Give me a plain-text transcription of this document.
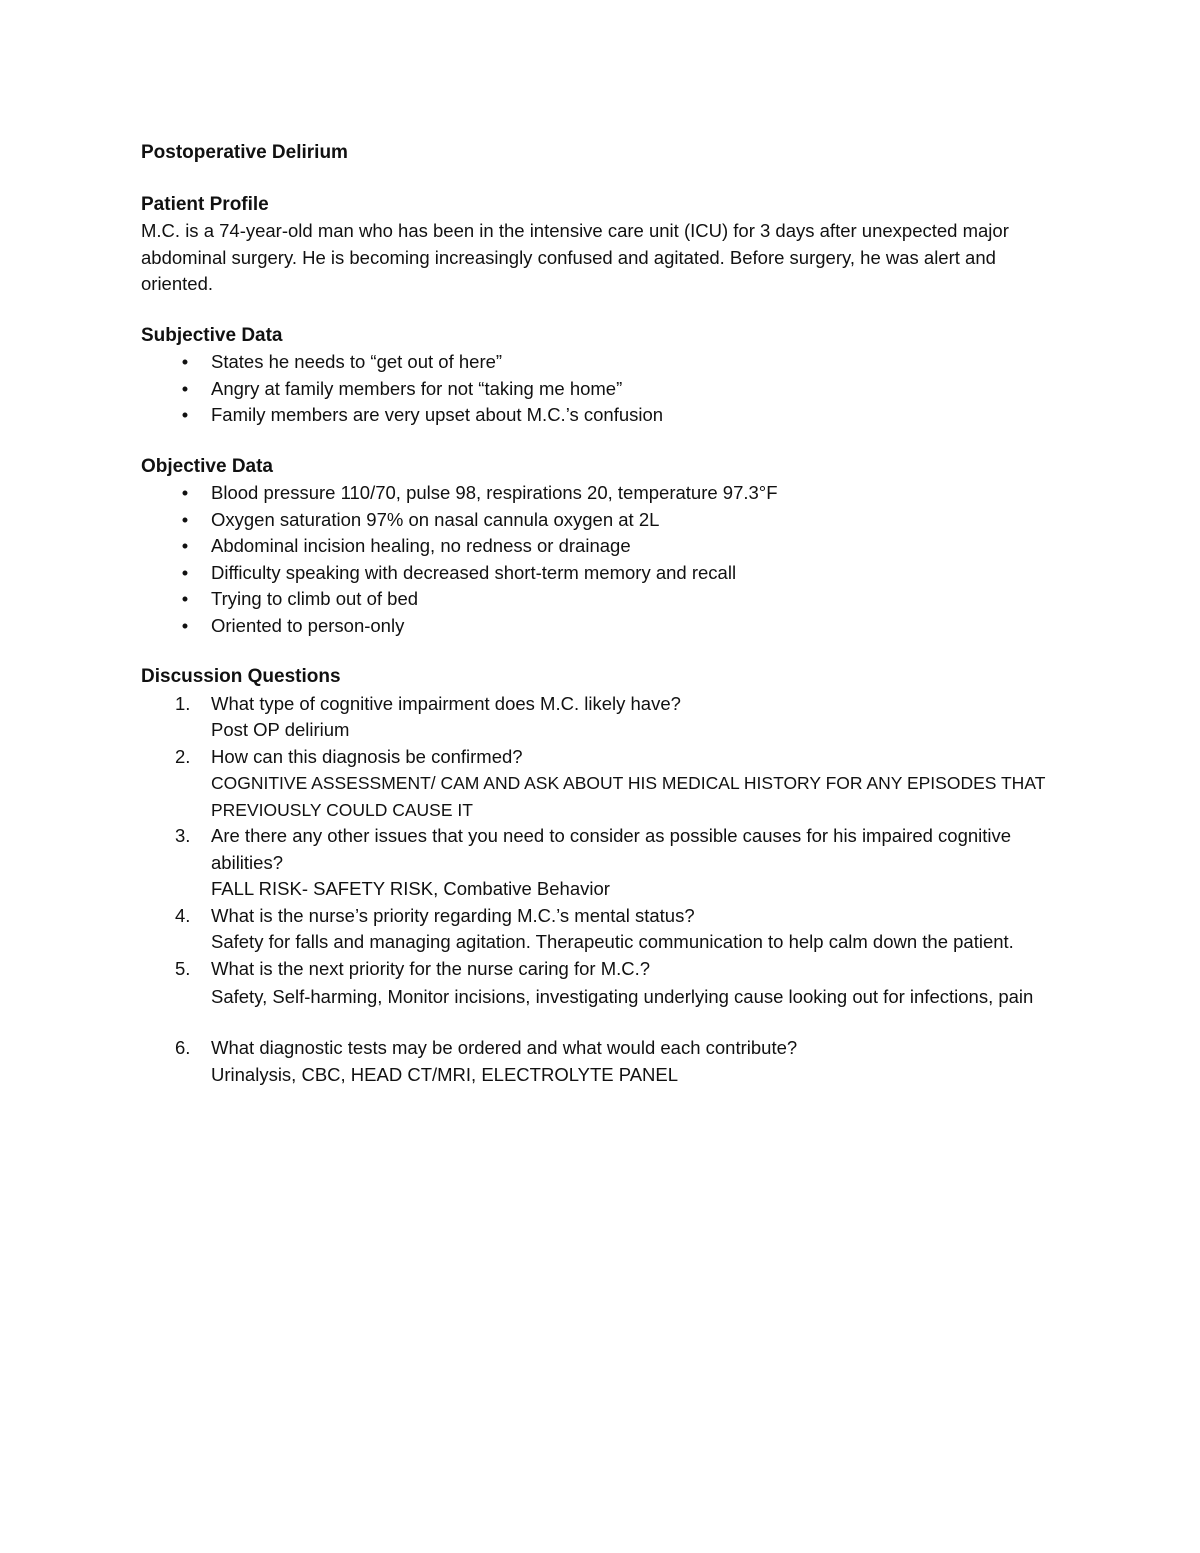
Postoperative Delirium

Patient Profile

M.C. is a 74-year-old man who has been in the intensive care unit (ICU) for 3 days after unexpected major abdominal surgery. He is becoming increasingly confused and agitated. Before surgery, he was alert and oriented.

Subjective Data

•	States he needs to “get out of here”
•	Angry at family members for not “taking me home”
•	Family members are very upset about M.C.’s confusion

Objective Data

•	Blood pressure 110/70, pulse 98, respirations 20, temperature 97.3°F
•	Oxygen saturation 97% on nasal cannula oxygen at 2L
•	Abdominal incision healing, no redness or drainage
•	Difficulty speaking with decreased short-term memory and recall
•	Trying to climb out of bed
•	Oriented to person-only

Discussion Questions

1.	What type of cognitive impairment does M.C. likely have?
Post OP delirium
2.	How can this diagnosis be confirmed?
COGNITIVE ASSESSMENT/ CAM AND ASK ABOUT HIS MEDICAL HISTORY FOR ANY EPISODES THAT PREVIOUSLY COULD CAUSE IT
3.	Are there any other issues that you need to consider as possible causes for his impaired cognitive abilities?
FALL RISK- SAFETY RISK, Combative Behavior
4.	What is the nurse’s priority regarding M.C.’s mental status?
Safety for falls and managing agitation. Therapeutic communication to help calm down the patient.
5.	What is the next priority for the nurse caring for M.C.?
Safety, Self-harming, Monitor incisions, investigating underlying cause looking out for infections, pain
6.	What diagnostic tests may be ordered and what would each contribute?
Urinalysis, CBC, HEAD CT/MRI, ELECTROLYTE PANEL
